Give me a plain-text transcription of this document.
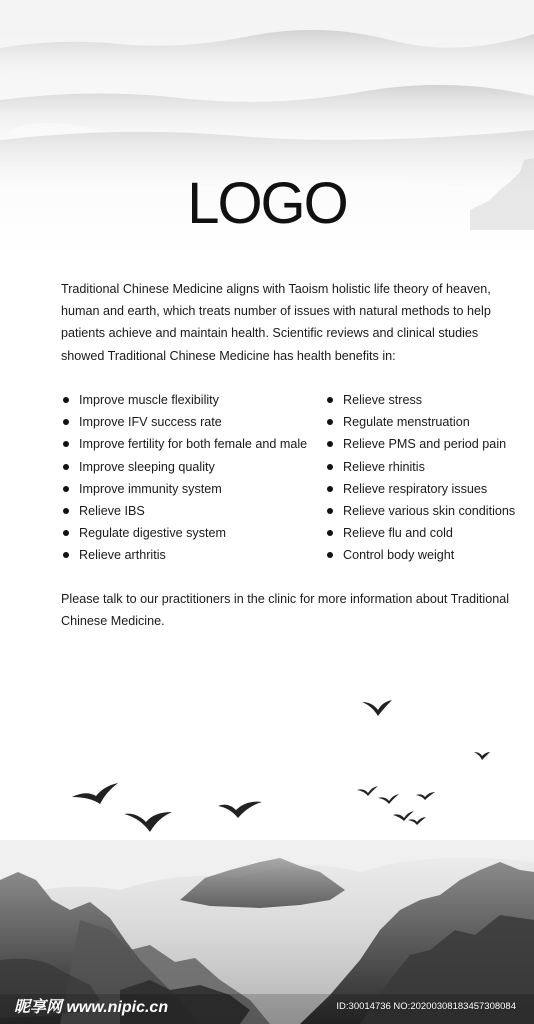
LOGO

Traditional Chinese Medicine aligns with Taoism holistic life theory of heaven, human and earth, which treats number of issues with natural methods to help patients achieve and maintain health. Scientific reviews and clinical studies showed Traditional Chinese Medicine has health benefits in:

Improve muscle flexibility
Improve IFV success rate
Improve fertility for both female and male
Improve sleeping quality
Improve immunity system
Relieve IBS
Regulate digestive system
Relieve arthritis
Relieve stress
Regulate menstruation
Relieve PMS and period pain
Relieve rhinitis
Relieve respiratory issues
Relieve various skin conditions
Relieve flu and cold
Control body weight

Please talk to our practitioners in the clinic for more information about Traditional Chinese Medicine.

昵享网 www.nipic.cn	ID:30014736 NO:20200308183457308084
